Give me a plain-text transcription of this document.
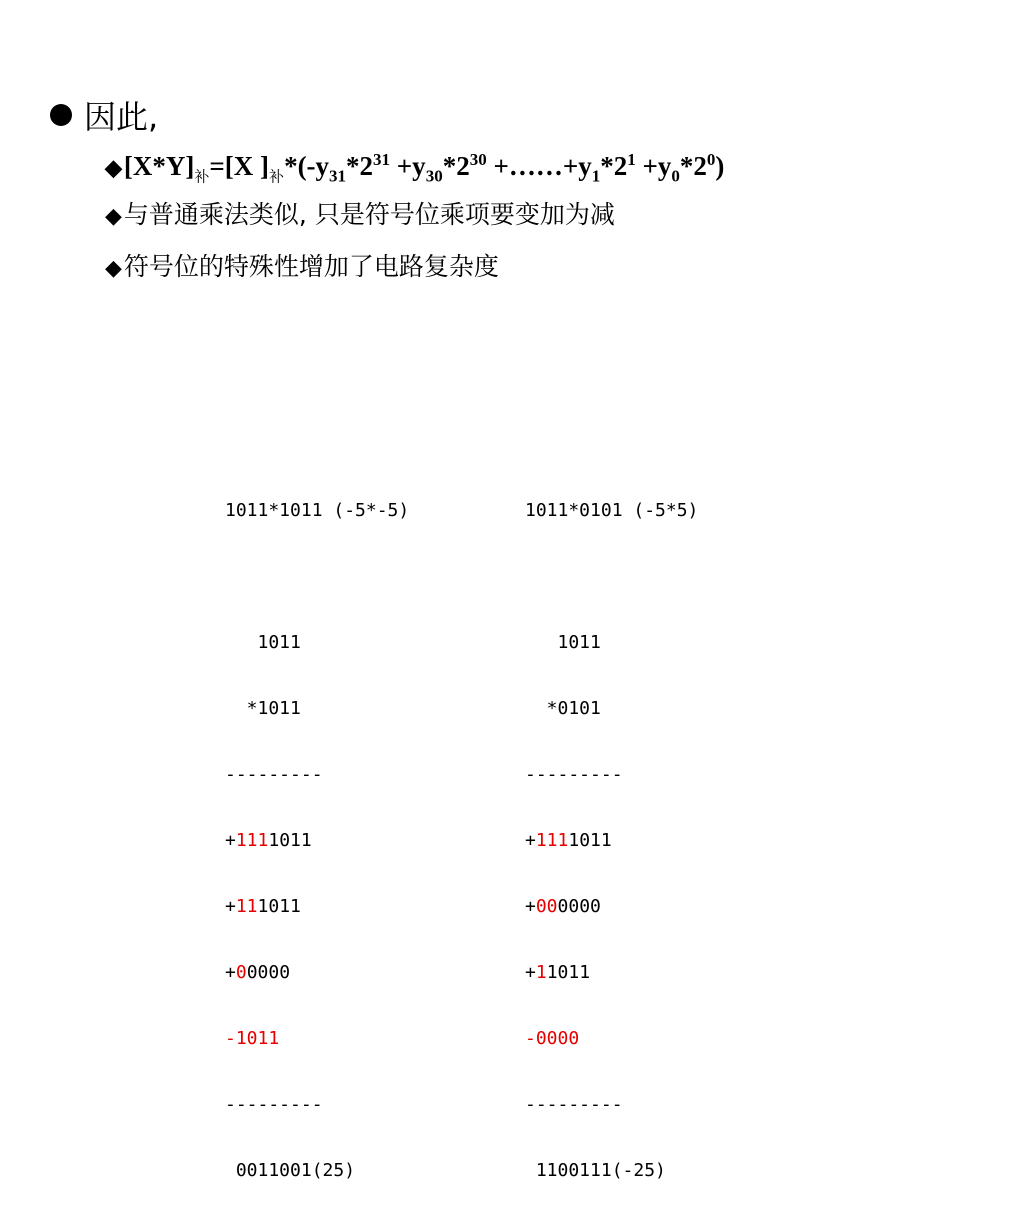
因此,
$◆[X*Y]_补=[X$ ]$_补*(-y_{31}*2^{31} +y_{30}*2^{30}$ $+\dots\dots+y_1*2^1 +y_0*2^0$)
◆与普通乘法类似, 只是符号位乘项要变加为减
◆符号位的特殊性增加了电路复杂度

1011*1011 (-5*-5)

1011

*1011

---------

+1111011

+111011

+00000

-1011

---------

0011001(25)

1011*0101 (-5*5)

1011

*0101

---------

+1111011

+000000

+11011

-0000

---------

1100111(-25)
